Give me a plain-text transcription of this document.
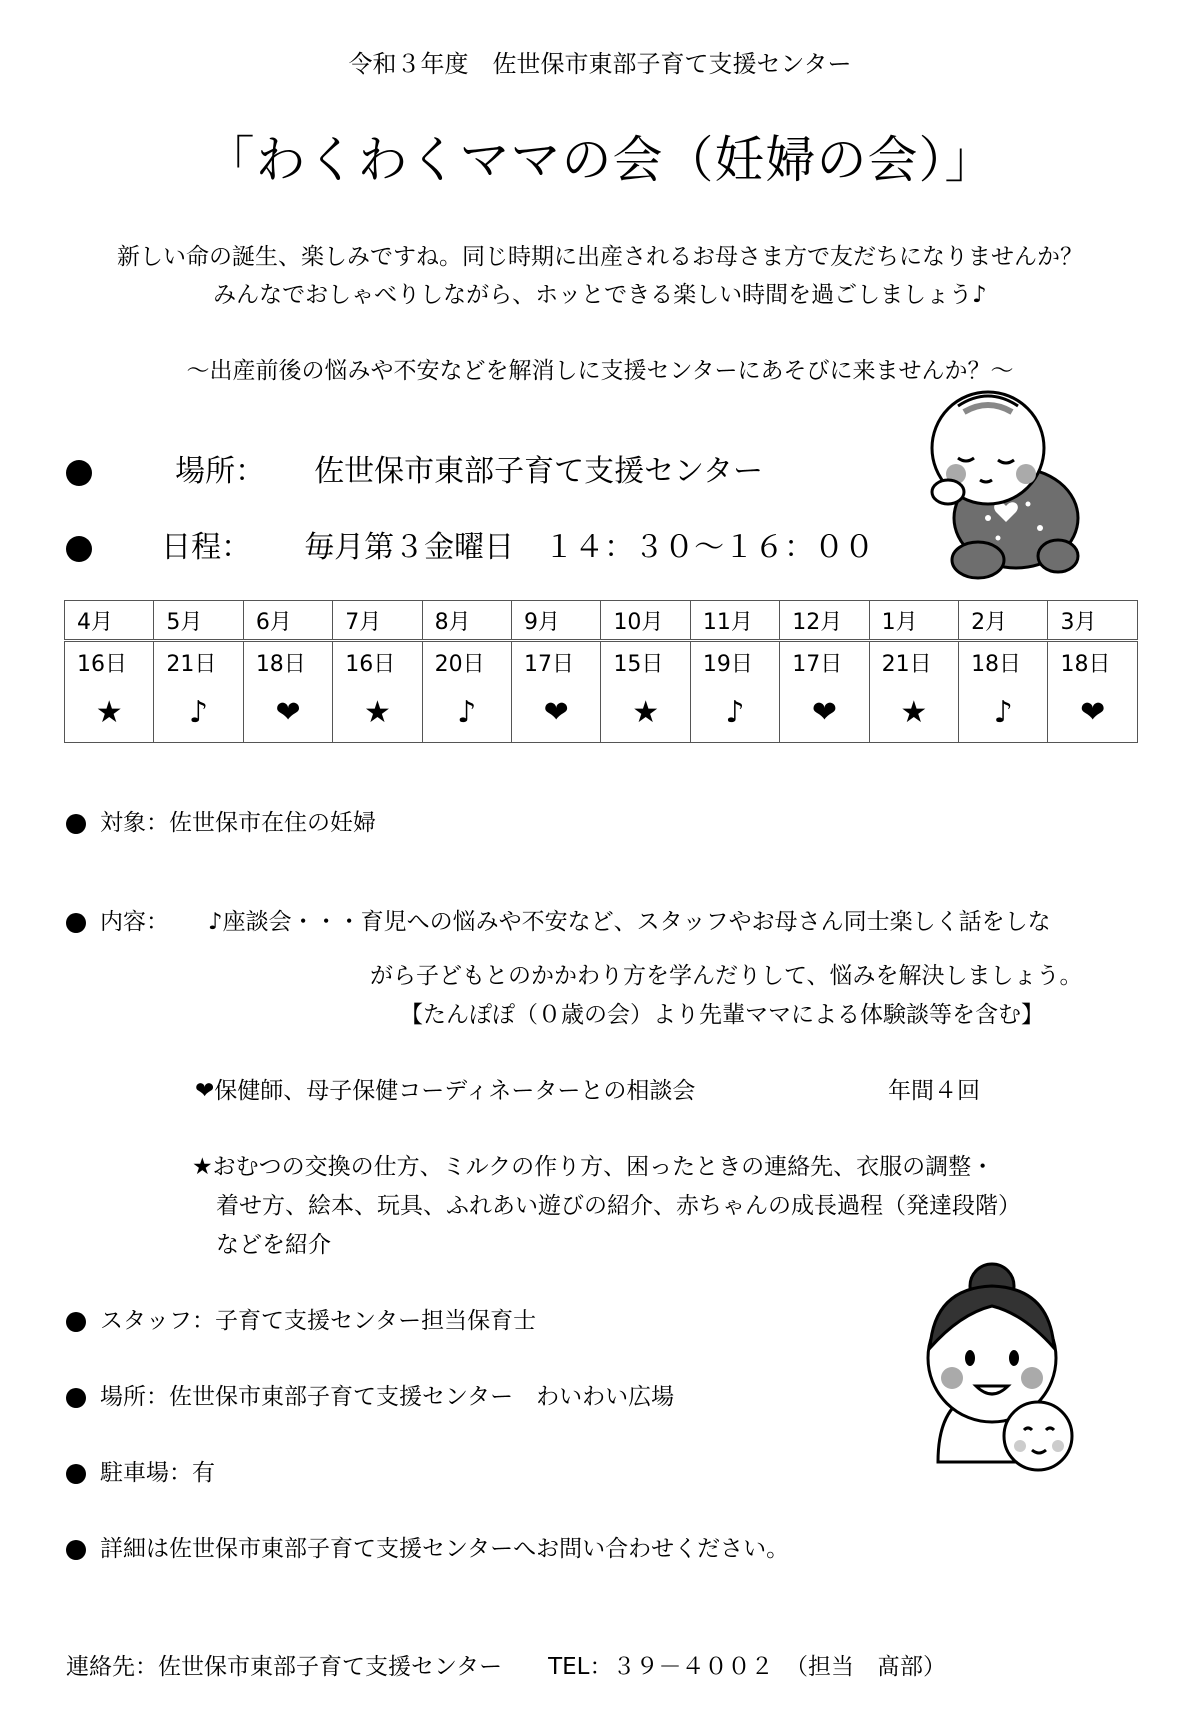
令和３年度　佐世保市東部子育て支援センター
「わくわくママの会（妊婦の会）」
新しい命の誕生、楽しみですね。同じ時期に出産されるお母さま方で友だちになりませんか？
みんなでおしゃべりしながら、ホッとできる楽しい時間を過ごしましょう♪
～出産前後の悩みや不安などを解消しに支援センターにあそびに来ませんか？～
場所： 佐世保市東部子育て支援センター
日程： 毎月第３金曜日　１４：３０～１６：００
4月	5月	6月	7月	8月	9月	10月	11月	12月	1月	2月	3月
16日	21日	18日	16日	20日	17日	15日	19日	17日	21日	18日	18日
★	♪	❤	★	♪	❤	★	♪	❤	★	♪	❤
対象：佐世保市在住の妊婦
内容： ♪座談会・・・育児への悩みや不安など、スタッフやお母さん同士楽しく話をしな
がら子どもとのかかわり方を学んだりして、悩みを解決しましょう。
【たんぽぽ（０歳の会）より先輩ママによる体験談等を含む】
❤保健師、母子保健コーディネーターとの相談会	年間４回
★おむつの交換の仕方、ミルクの作り方、困ったときの連絡先、衣服の調整・
着せ方、絵本、玩具、ふれあい遊びの紹介、赤ちゃんの成長過程（発達段階）
などを紹介
スタッフ：子育て支援センター担当保育士
場所：佐世保市東部子育て支援センター　わいわい広場
駐車場：有
詳細は佐世保市東部子育て支援センターへお問い合わせください。
連絡先：佐世保市東部子育て支援センター　　TEL：３９－４００２　（担当　髙部）
